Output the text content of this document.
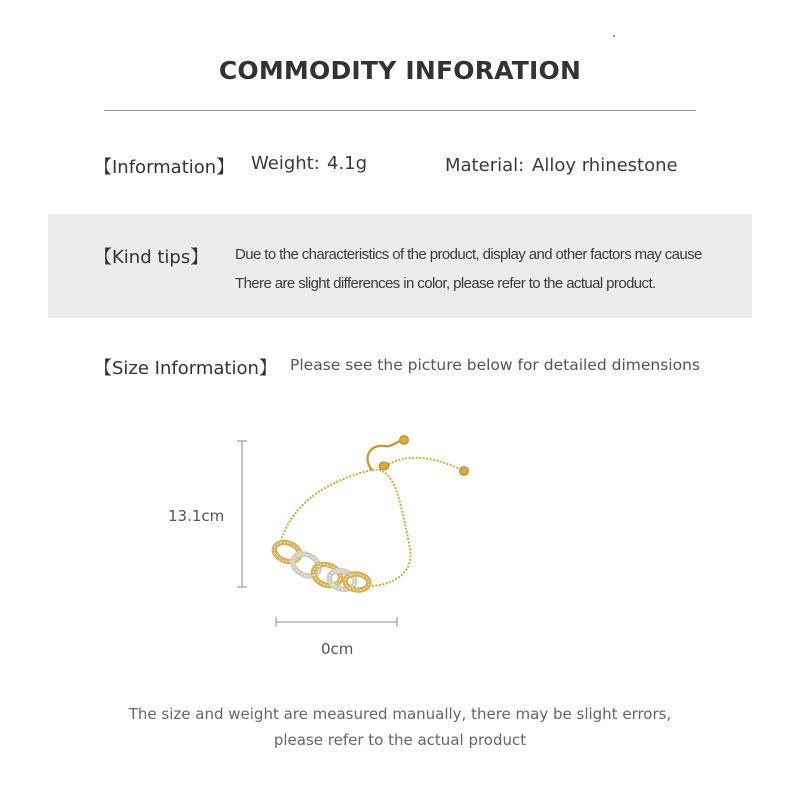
COMMODITY INFORATION
【Information】 Weight: 4.1g	Material: Alloy rhinestone
【Kind tips】 Due to the characteristics of the product, display and other factors may cause
There are slight differences in color, please refer to the actual product.
【Size Information】 Please see the picture below for detailed dimensions
13.1cm
0cm
The size and weight are measured manually, there may be slight errors,
please refer to the actual product
